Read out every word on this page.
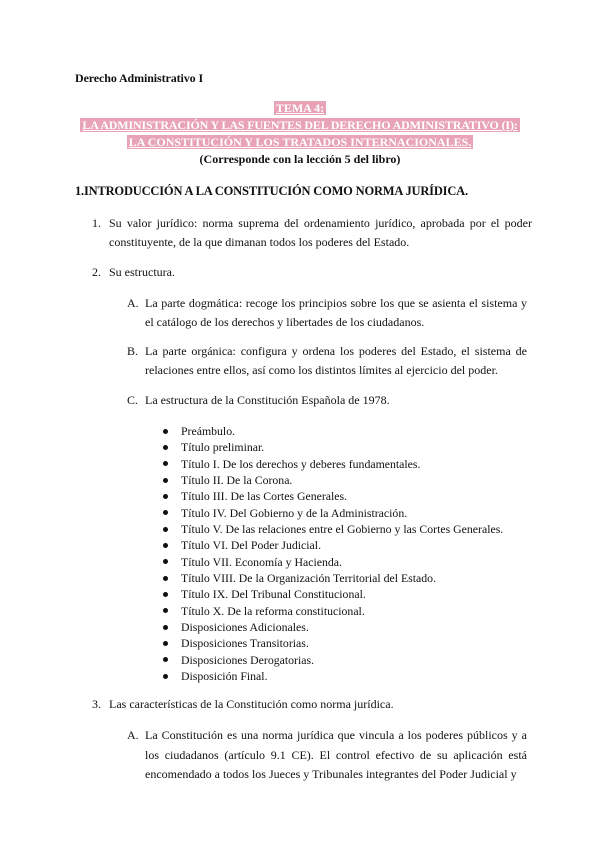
Derecho Administrativo I
TEMA 4:
LA ADMINISTRACIÓN Y LAS FUENTES DEL DERECHO ADMINISTRATIVO (I):
LA CONSTITUCIÓN Y LOS TRATADOS INTERNACIONALES.
(Corresponde con la lección 5 del libro)
1.INTRODUCCIÓN A LA CONSTITUCIÓN COMO NORMA JURÍDICA.
1. Su valor jurídico: norma suprema del ordenamiento jurídico, aprobada por el poder constituyente, de la que dimanan todos los poderes del Estado.
2. Su estructura.
A. La parte dogmática: recoge los principios sobre los que se asienta el sistema y el catálogo de los derechos y libertades de los ciudadanos.
B. La parte orgánica: configura y ordena los poderes del Estado, el sistema de relaciones entre ellos, así como los distintos límites al ejercicio del poder.
C. La estructura de la Constitución Española de 1978.
Preámbulo.
Título preliminar.
Título I. De los derechos y deberes fundamentales.
Título II. De la Corona.
Título III. De las Cortes Generales.
Título IV. Del Gobierno y de la Administración.
Título V. De las relaciones entre el Gobierno y las Cortes Generales.
Título VI. Del Poder Judicial.
Título VII. Economía y Hacienda.
Título VIII. De la Organización Territorial del Estado.
Título IX. Del Tribunal Constitucional.
Título X. De la reforma constitucional.
Disposiciones Adicionales.
Disposiciones Transitorias.
Disposiciones Derogatorias.
Disposición Final.
3. Las características de la Constitución como norma jurídica.
A. La Constitución es una norma jurídica que vincula a los poderes públicos y a los ciudadanos (artículo 9.1 CE). El control efectivo de su aplicación está encomendado a todos los Jueces y Tribunales integrantes del Poder Judicial y
